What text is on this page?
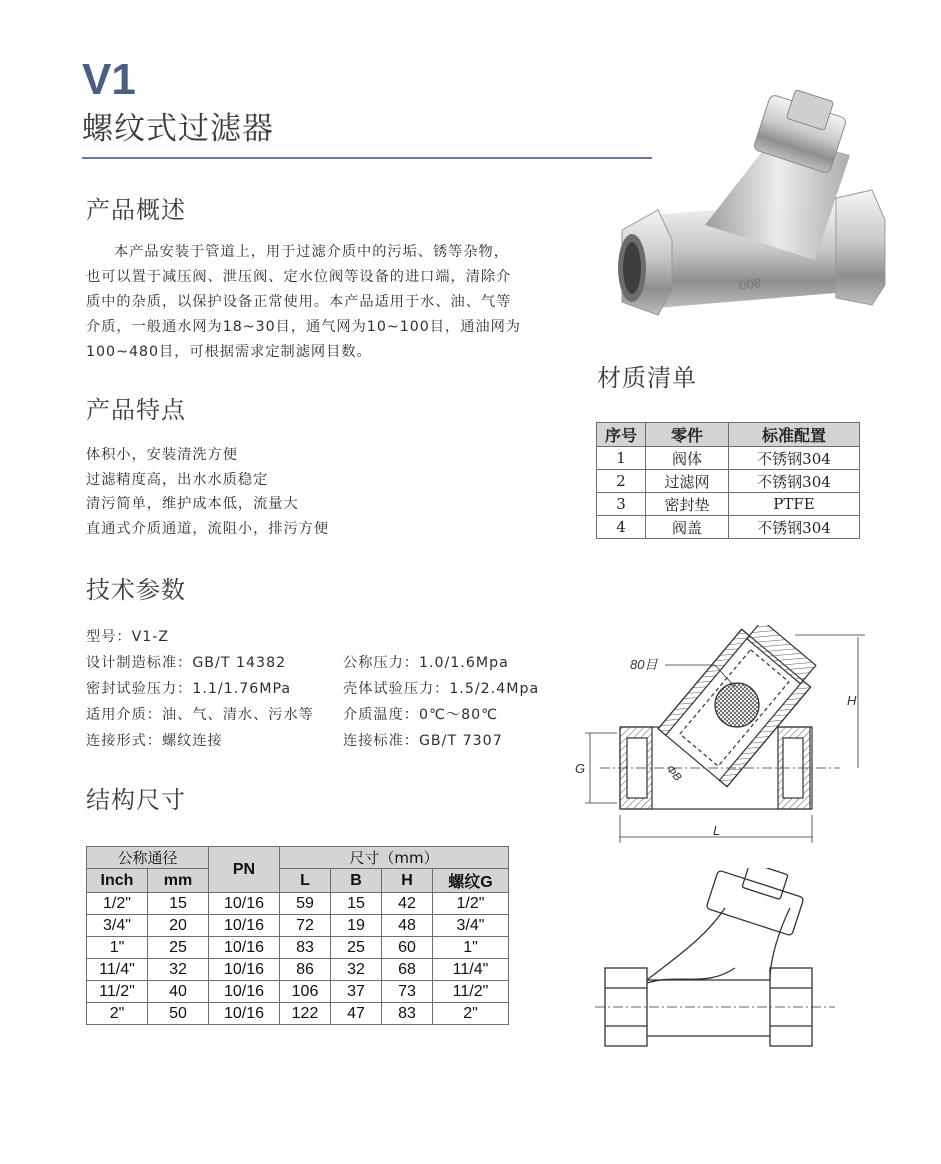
V1
螺纹式过滤器
008
产品概述
本产品安装于管道上，用于过滤介质中的污垢、锈等杂物，
也可以置于减压阀、泄压阀、定水位阀等设备的进口端，清除介
质中的杂质，以保护设备正常使用。本产品适用于水、油、气等
介质，一般通水网为18~30目，通气网为10~100目，通油网为
100~480目，可根据需求定制滤网目数。
产品特点
体积小，安装清洗方便
过滤精度高，出水水质稳定
清污简单，维护成本低，流量大
直通式介质通道，流阻小，排污方便
技术参数
型号：V1-Z
设计制造标准：GB/T 14382
密封试验压力：1.1/1.76MPa
适用介质：油、气、清水、污水等
连接形式：螺纹连接
公称压力：1.0/1.6Mpa
壳体试验压力：1.5/2.4Mpa
介质温度：0℃～80℃
连接标准：GB/T 7307
材质清单
序号	零件	标准配置
1	阀体	不锈钢304
2	过滤网	不锈钢304
3	密封垫	PTFE
4	阀盖	不锈钢304
结构尺寸
公称通径		PN	尺寸（mm）			
Inch	mm		L	B	H	螺纹G
1/2"	15	10/16	59	15	42	1/2"
3/4"	20	10/16	72	19	48	3/4"
1"	25	10/16	83	25	60	1"
11/4"	32	10/16	86	32	68	11/4"
11/2"	40	10/16	106	37	73	11/2"
2"	50	10/16	122	47	83	2"
80目
H
G
L
ΦB
